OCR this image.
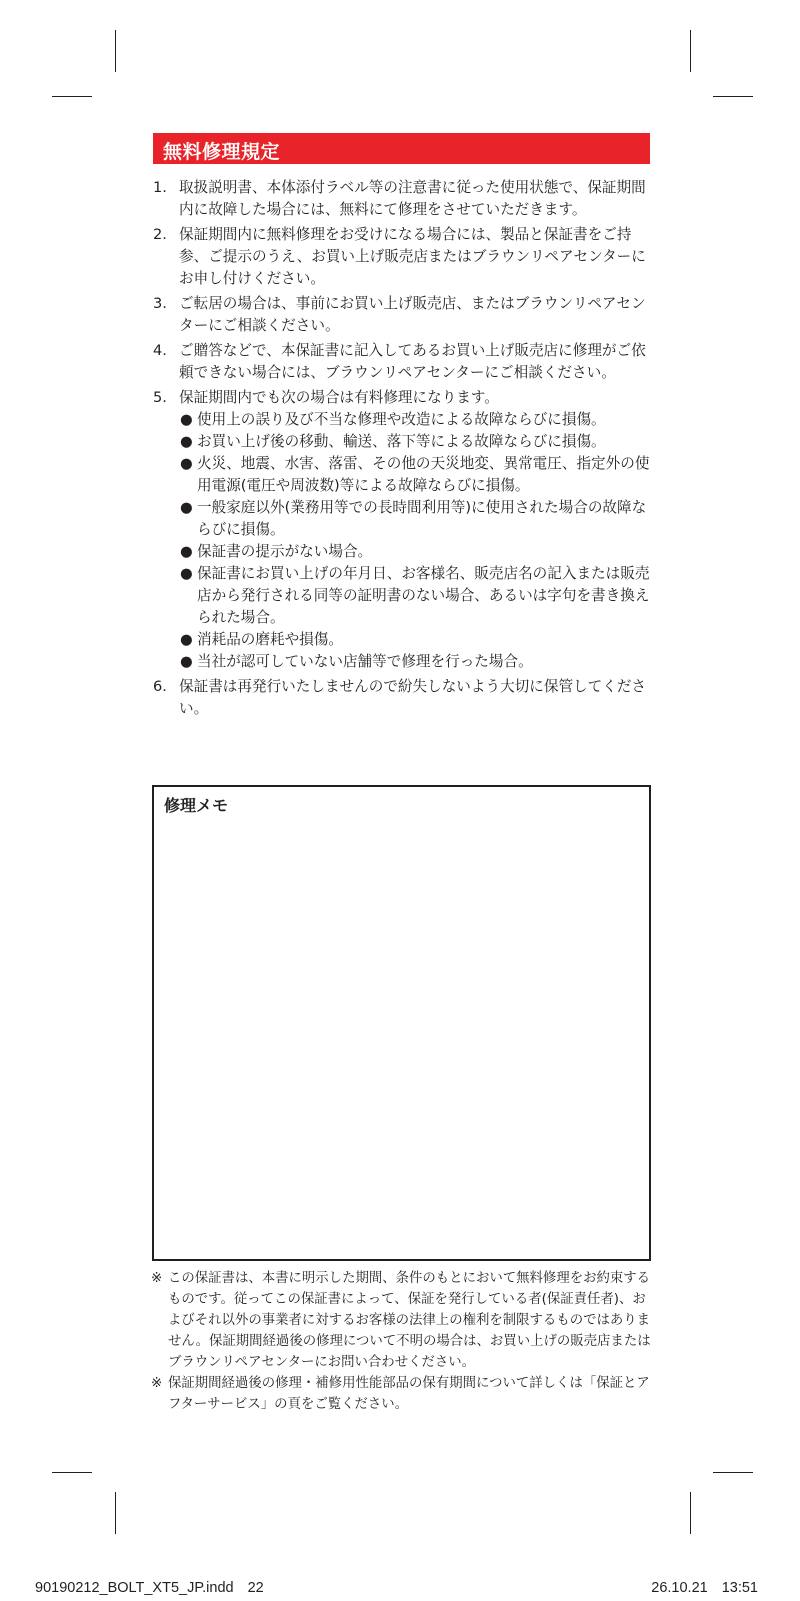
無料修理規定
1. 取扱説明書、本体添付ラベル等の注意書に従った使用状態で、保証期間内に故障した場合には、無料にて修理をさせていただきます。
2. 保証期間内に無料修理をお受けになる場合には、製品と保証書をご持参、ご提示のうえ、お買い上げ販売店またはブラウンリペアセンターにお申し付けください。
3. ご転居の場合は、事前にお買い上げ販売店、またはブラウンリペアセンターにご相談ください。
4. ご贈答などで、本保証書に記入してあるお買い上げ販売店に修理がご依頼できない場合には、ブラウンリペアセンターにご相談ください。
5. 保証期間内でも次の場合は有料修理になります。
● 使用上の誤り及び不当な修理や改造による故障ならびに損傷。
● お買い上げ後の移動、輸送、落下等による故障ならびに損傷。
● 火災、地震、水害、落雷、その他の天災地変、異常電圧、指定外の使用電源(電圧や周波数)等による故障ならびに損傷。
● 一般家庭以外(業務用等での長時間利用等)に使用された場合の故障ならびに損傷。
● 保証書の提示がない場合。
● 保証書にお買い上げの年月日、お客様名、販売店名の記入または販売店から発行される同等の証明書のない場合、あるいは字句を書き換えられた場合。
● 消耗品の磨耗や損傷。
● 当社が認可していない店舗等で修理を行った場合。
6. 保証書は再発行いたしませんので紛失しないよう大切に保管してください。
修理メモ
※ この保証書は、本書に明示した期間、条件のもとにおいて無料修理をお約束するものです。従ってこの保証書によって、保証を発行している者(保証責任者)、およびそれ以外の事業者に対するお客様の法律上の権利を制限するものではありません。保証期間経過後の修理について不明の場合は、お買い上げの販売店またはブラウンリペアセンターにお問い合わせください。
※ 保証期間経過後の修理・補修用性能部品の保有期間について詳しくは「保証とアフターサービス」の頁をご覧ください。
90190212_BOLT_XT5_JP.indd 22	26.10.21 13:51
